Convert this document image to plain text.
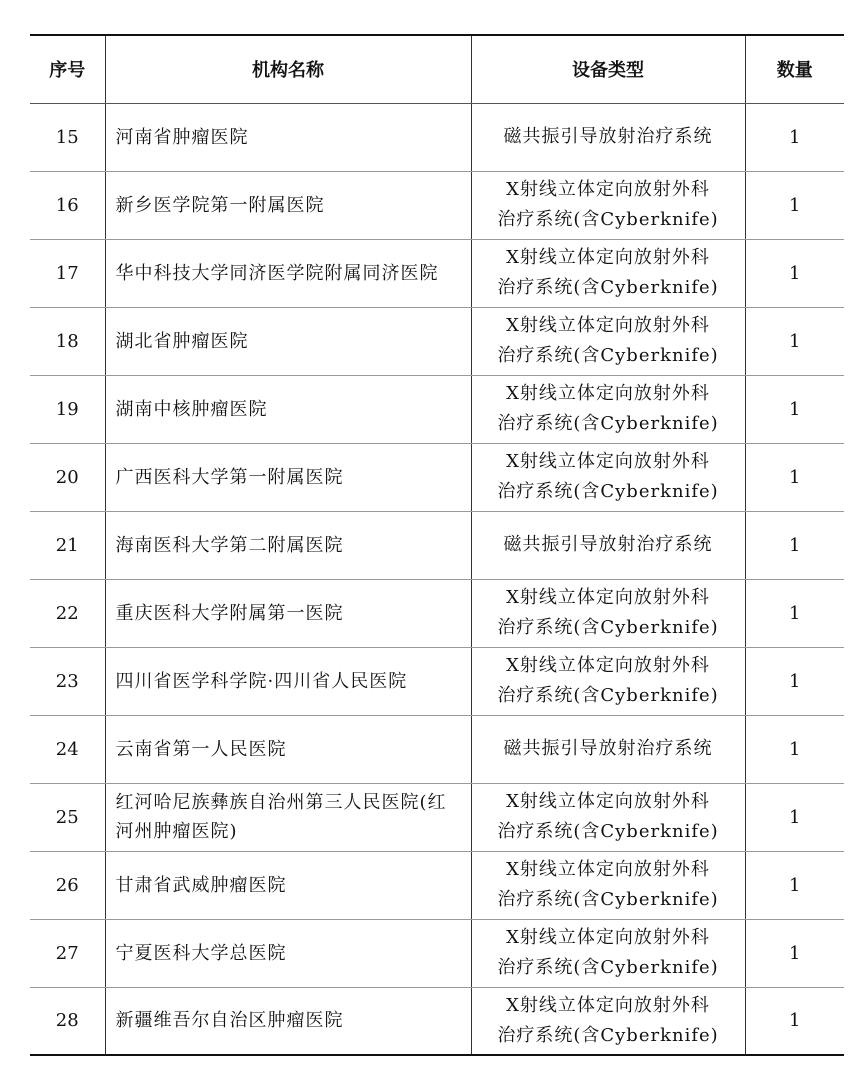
序号	机构名称	设备类型	数量
15	河南省肿瘤医院	磁共振引导放射治疗系统	1
16	新乡医学院第一附属医院	X射线立体定向放射外科
治疗系统(含Cyberknife)	1
17	华中科技大学同济医学院附属同济医院	X射线立体定向放射外科
治疗系统(含Cyberknife)	1
18	湖北省肿瘤医院	X射线立体定向放射外科
治疗系统(含Cyberknife)	1
19	湖南中核肿瘤医院	X射线立体定向放射外科
治疗系统(含Cyberknife)	1
20	广西医科大学第一附属医院	X射线立体定向放射外科
治疗系统(含Cyberknife)	1
21	海南医科大学第二附属医院	磁共振引导放射治疗系统	1
22	重庆医科大学附属第一医院	X射线立体定向放射外科
治疗系统(含Cyberknife)	1
23	四川省医学科学院·四川省人民医院	X射线立体定向放射外科
治疗系统(含Cyberknife)	1
24	云南省第一人民医院	磁共振引导放射治疗系统	1
25	红河哈尼族彝族自治州第三人民医院(红
河州肿瘤医院)	X射线立体定向放射外科
治疗系统(含Cyberknife)	1
26	甘肃省武威肿瘤医院	X射线立体定向放射外科
治疗系统(含Cyberknife)	1
27	宁夏医科大学总医院	X射线立体定向放射外科
治疗系统(含Cyberknife)	1
28	新疆维吾尔自治区肿瘤医院	X射线立体定向放射外科
治疗系统(含Cyberknife)	1
